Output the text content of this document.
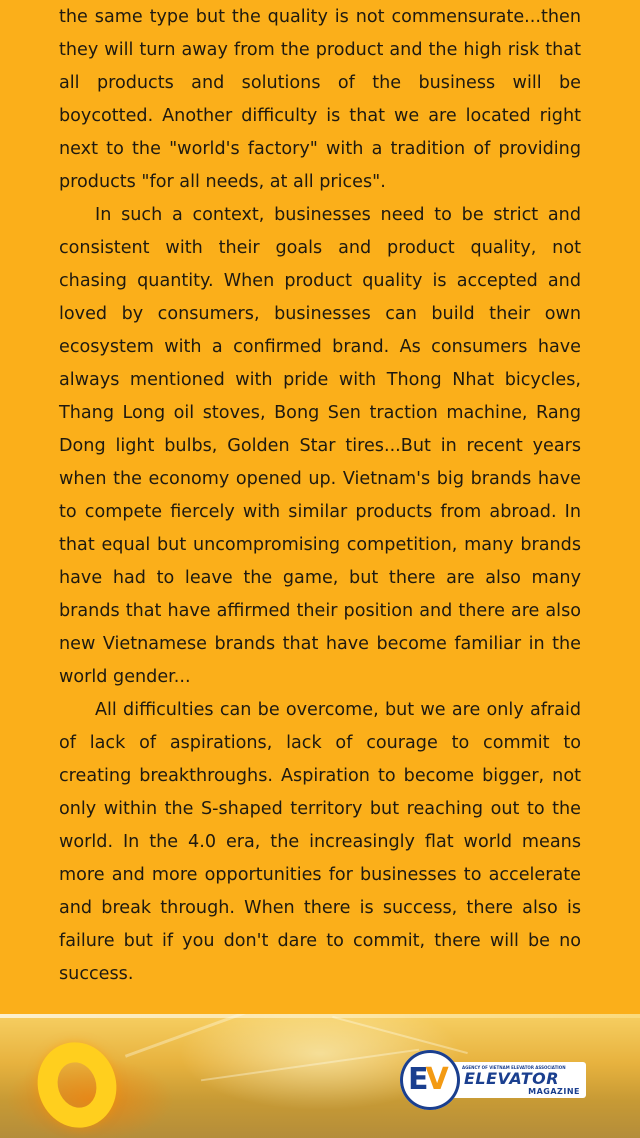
the same type but the quality is not commensurate...then they will turn away from the product and the high risk that all products and solutions of the business will be boycotted. Another difficulty is that we are located right next to the "world's factory" with a tradition of providing products "for all needs, at all prices".

In such a context, businesses need to be strict and consistent with their goals and product quality, not chasing quantity. When product quality is accepted and loved by consumers, businesses can build their own ecosystem with a confirmed brand. As consumers have always mentioned with pride with Thong Nhat bicycles, Thang Long oil stoves, Bong Sen traction machine, Rang Dong light bulbs, Golden Star tires...But in recent years when the economy opened up. Vietnam's big brands have to compete fiercely with similar products from abroad. In that equal but uncompromising competition, many brands have had to leave the game, but there are also many brands that have affirmed their position and there are also new Vietnamese brands that have become familiar in the world gender...

All difficulties can be overcome, but we are only afraid of lack of aspirations, lack of courage to commit to creating breakthroughs. Aspiration to become bigger, not only within the S-shaped territory but reaching out to the world. In the 4.0 era, the increasingly flat world means more and more opportunities for businesses to accelerate and break through. When there is success, there also is failure but if you don't dare to commit, there will be no success.

AGENCY OF VIETNAM ELEVATOR ASSOCIATION
ELEVATOR
MAGAZINE
EV
